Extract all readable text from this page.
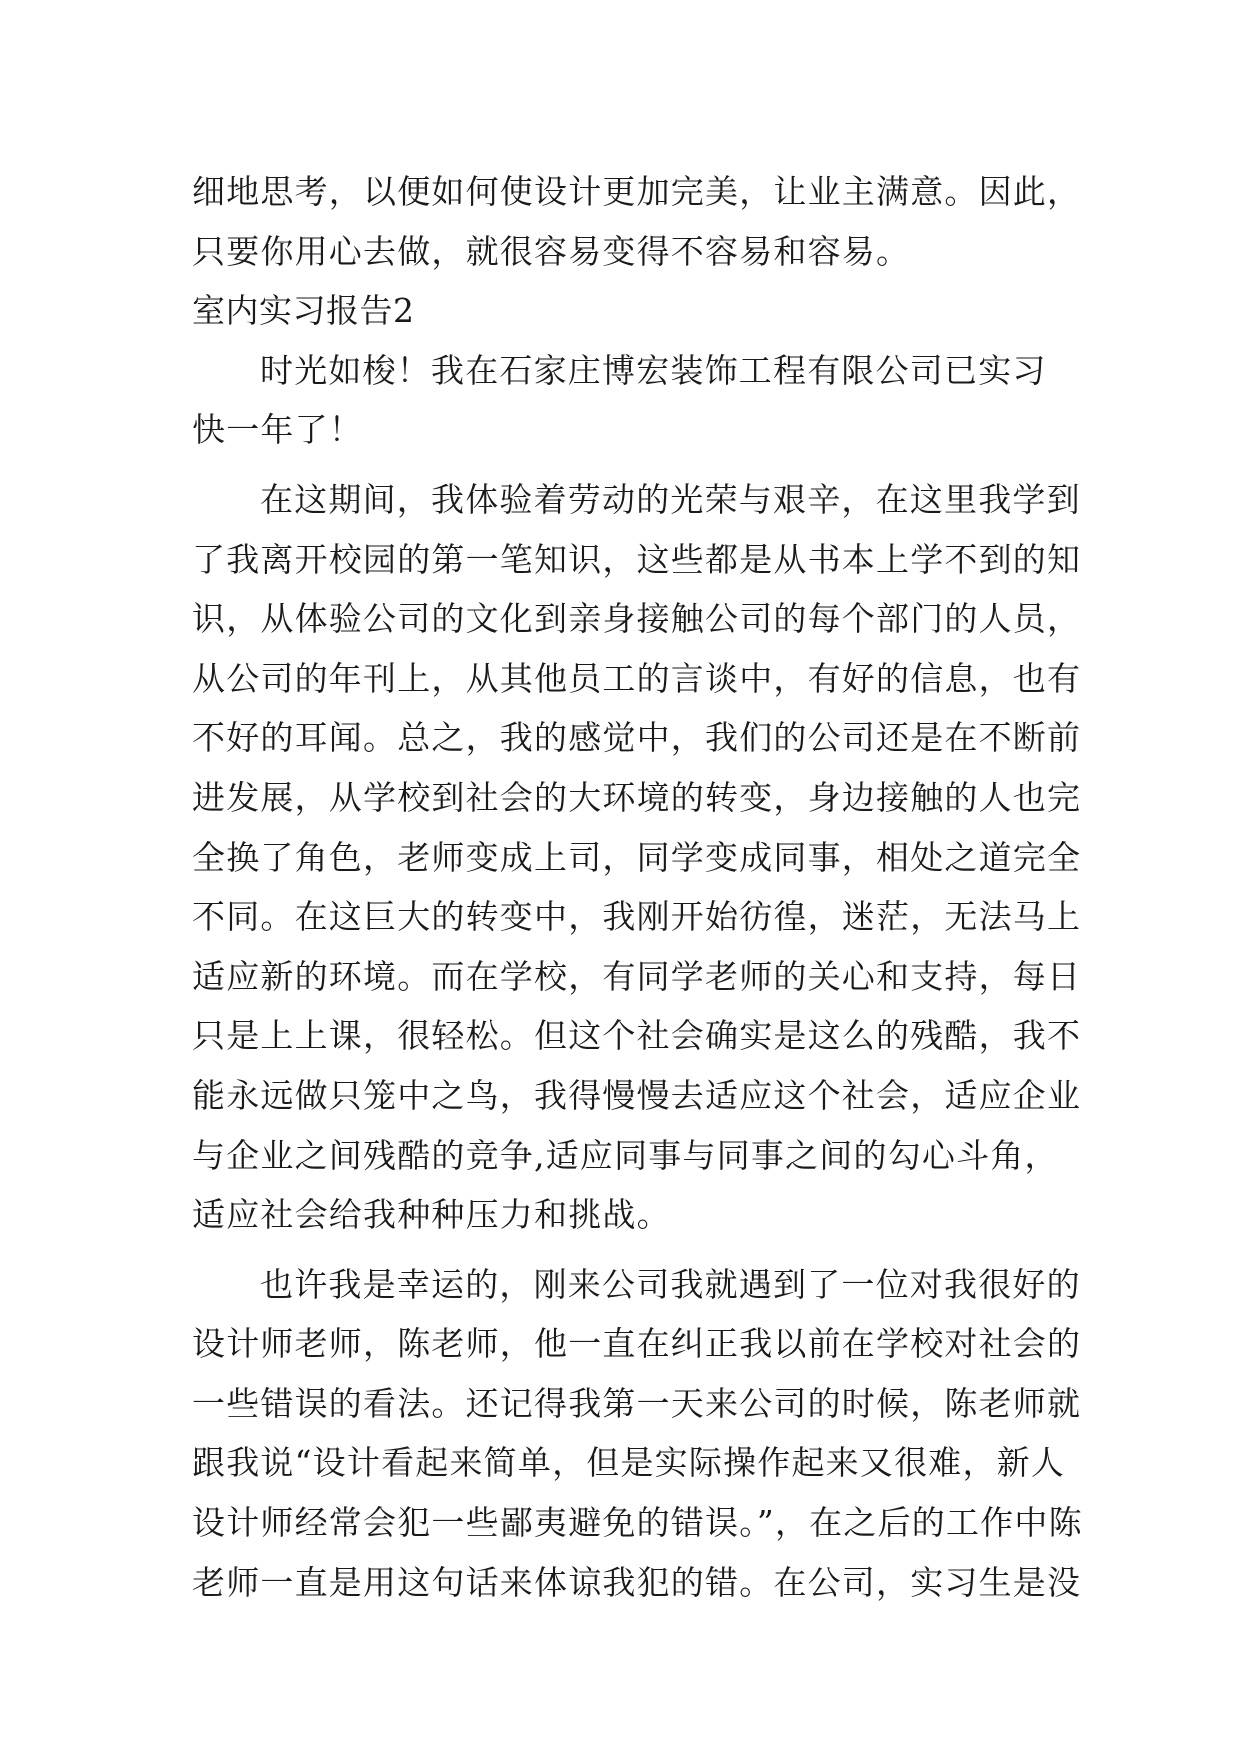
细地思考，以便如何使设计更加完美，让业主满意。因此，
只要你用心去做，就很容易变得不容易和容易。
室内实习报告2
时光如梭！我在石家庄博宏装饰工程有限公司已实习
快一年了！
在这期间，我体验着劳动的光荣与艰辛，在这里我学到
了我离开校园的第一笔知识，这些都是从书本上学不到的知
识，从体验公司的文化到亲身接触公司的每个部门的人员，
从公司的年刊上，从其他员工的言谈中，有好的信息，也有
不好的耳闻。总之，我的感觉中，我们的公司还是在不断前
进发展，从学校到社会的大环境的转变，身边接触的人也完
全换了角色，老师变成上司，同学变成同事，相处之道完全
不同。在这巨大的转变中，我刚开始彷徨，迷茫，无法马上
适应新的环境。而在学校，有同学老师的关心和支持，每日
只是上上课，很轻松。但这个社会确实是这么的残酷，我不
能永远做只笼中之鸟，我得慢慢去适应这个社会，适应企业
与企业之间残酷的竞争,适应同事与同事之间的勾心斗角，
适应社会给我种种压力和挑战。
也许我是幸运的，刚来公司我就遇到了一位对我很好的
设计师老师，陈老师，他一直在纠正我以前在学校对社会的
一些错误的看法。还记得我第一天来公司的时候，陈老师就
跟我说“设计看起来简单，但是实际操作起来又很难，新人
设计师经常会犯一些鄙夷避免的错误。”，在之后的工作中陈
老师一直是用这句话来体谅我犯的错。在公司，实习生是没
